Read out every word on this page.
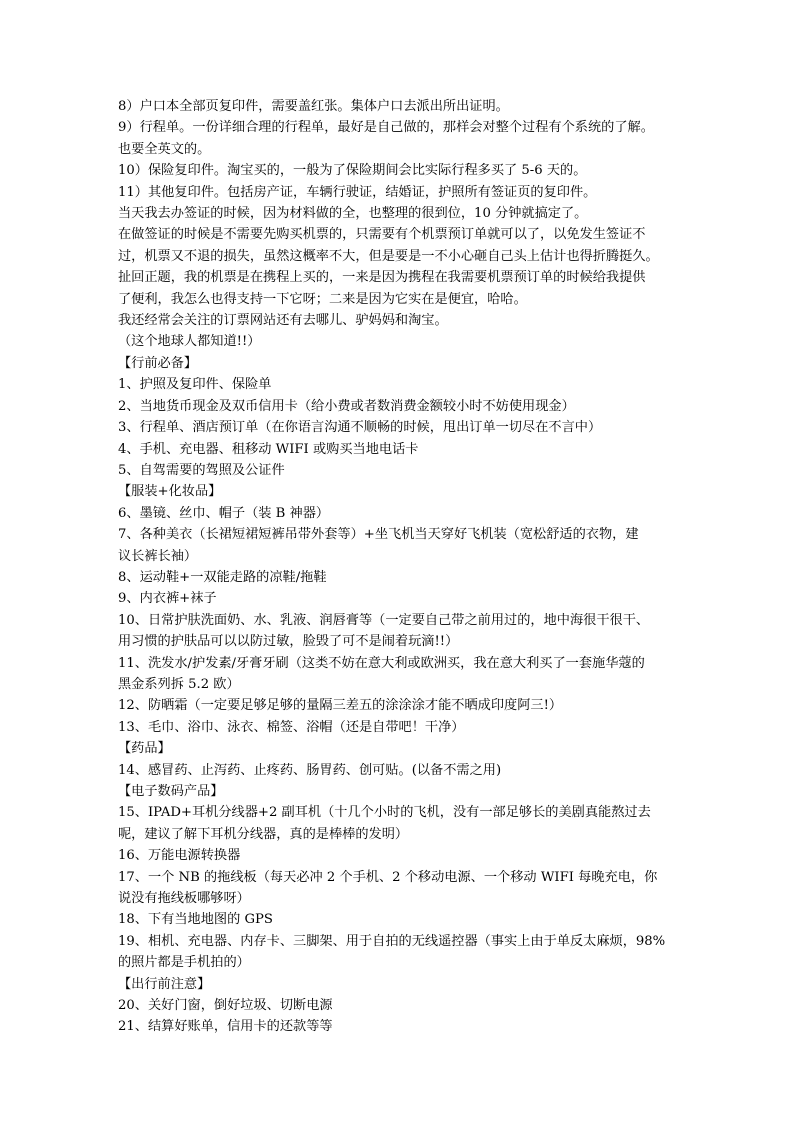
8）户口本全部页复印件，需要盖红张。集体户口去派出所出证明。
9）行程单。一份详细合理的行程单，最好是自己做的，那样会对整个过程有个系统的了解。
也要全英文的。
10）保险复印件。淘宝买的，一般为了保险期间会比实际行程多买了 5-6 天的。
11）其他复印件。包括房产证，车辆行驶证，结婚证，护照所有签证页的复印件。
当天我去办签证的时候，因为材料做的全，也整理的很到位，10 分钟就搞定了。
在做签证的时候是不需要先购买机票的，只需要有个机票预订单就可以了，以免发生签证不
过，机票又不退的损失，虽然这概率不大，但是要是一不小心砸自己头上估计也得折腾挺久。
扯回正题，我的机票是在携程上买的，一来是因为携程在我需要机票预订单的时候给我提供
了便利，我怎么也得支持一下它呀；二来是因为它实在是便宜，哈哈。
我还经常会关注的订票网站还有去哪儿、驴妈妈和淘宝。
（这个地球人都知道!!）
【行前必备】
1、护照及复印件、保险单
2、当地货币现金及双币信用卡（给小费或者数消费金额较小时不妨使用现金）
3、行程单、酒店预订单（在你语言沟通不顺畅的时候，甩出订单一切尽在不言中）
4、手机、充电器、租移动 WIFI 或购买当地电话卡
5、自驾需要的驾照及公证件
【服装+化妆品】
6、墨镜、丝巾、帽子（装 B 神器）
7、各种美衣（长裙短裙短裤吊带外套等）+坐飞机当天穿好飞机装（宽松舒适的衣物，建
议长裤长袖）
8、运动鞋+一双能走路的凉鞋/拖鞋
9、内衣裤+袜子
10、日常护肤洗面奶、水、乳液、润唇膏等（一定要自己带之前用过的，地中海很干很干、
用习惯的护肤品可以以防过敏，脸毁了可不是闹着玩滴!!）
11、洗发水/护发素/牙膏牙刷（这类不妨在意大利或欧洲买，我在意大利买了一套施华蔻的
黑金系列拆 5.2 欧）
12、防晒霜（一定要足够足够的量隔三差五的涂涂涂才能不晒成印度阿三!）
13、毛巾、浴巾、泳衣、棉签、浴帽（还是自带吧！干净）
【药品】
14、感冒药、止泻药、止疼药、肠胃药、创可贴。(以备不需之用)
【电子数码产品】
15、IPAD+耳机分线器+2 副耳机（十几个小时的飞机，没有一部足够长的美剧真能熬过去
呢，建议了解下耳机分线器，真的是棒棒的发明）
16、万能电源转换器
17、一个 NB 的拖线板（每天必冲 2 个手机、2 个移动电源、一个移动 WIFI 每晚充电，你
说没有拖线板哪够呀）
18、下有当地地图的 GPS
19、相机、充电器、内存卡、三脚架、用于自拍的无线遥控器（事实上由于单反太麻烦，98%
的照片都是手机拍的）
【出行前注意】
20、关好门窗，倒好垃圾、切断电源
21、结算好账单，信用卡的还款等等
